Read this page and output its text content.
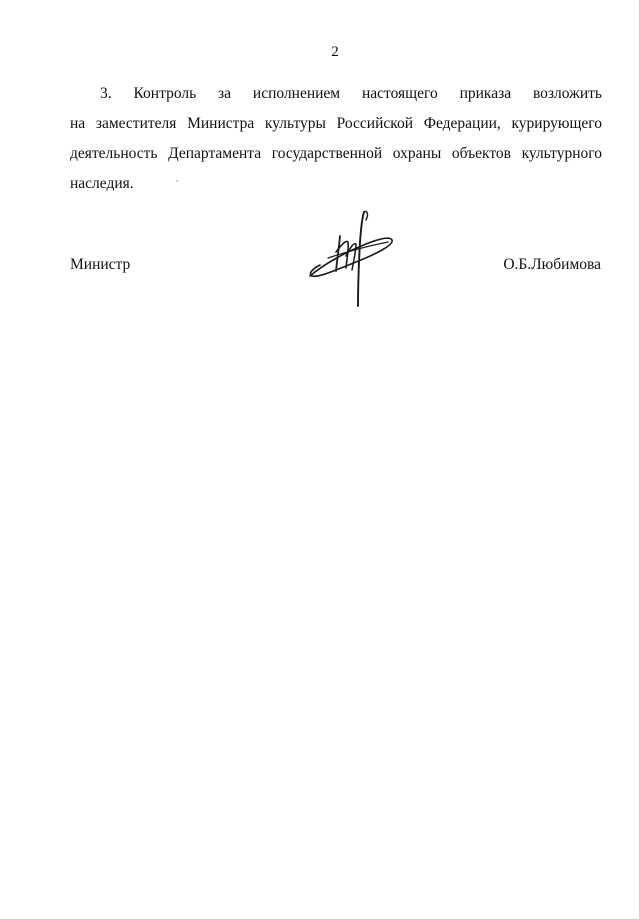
2
3. Контроль за исполнением настоящего приказа возложить
на заместителя Министра культуры Российской Федерации, курирующего
деятельность Департамента государственной охраны объектов культурного
наследия.
Министр	О.Б.Любимова
